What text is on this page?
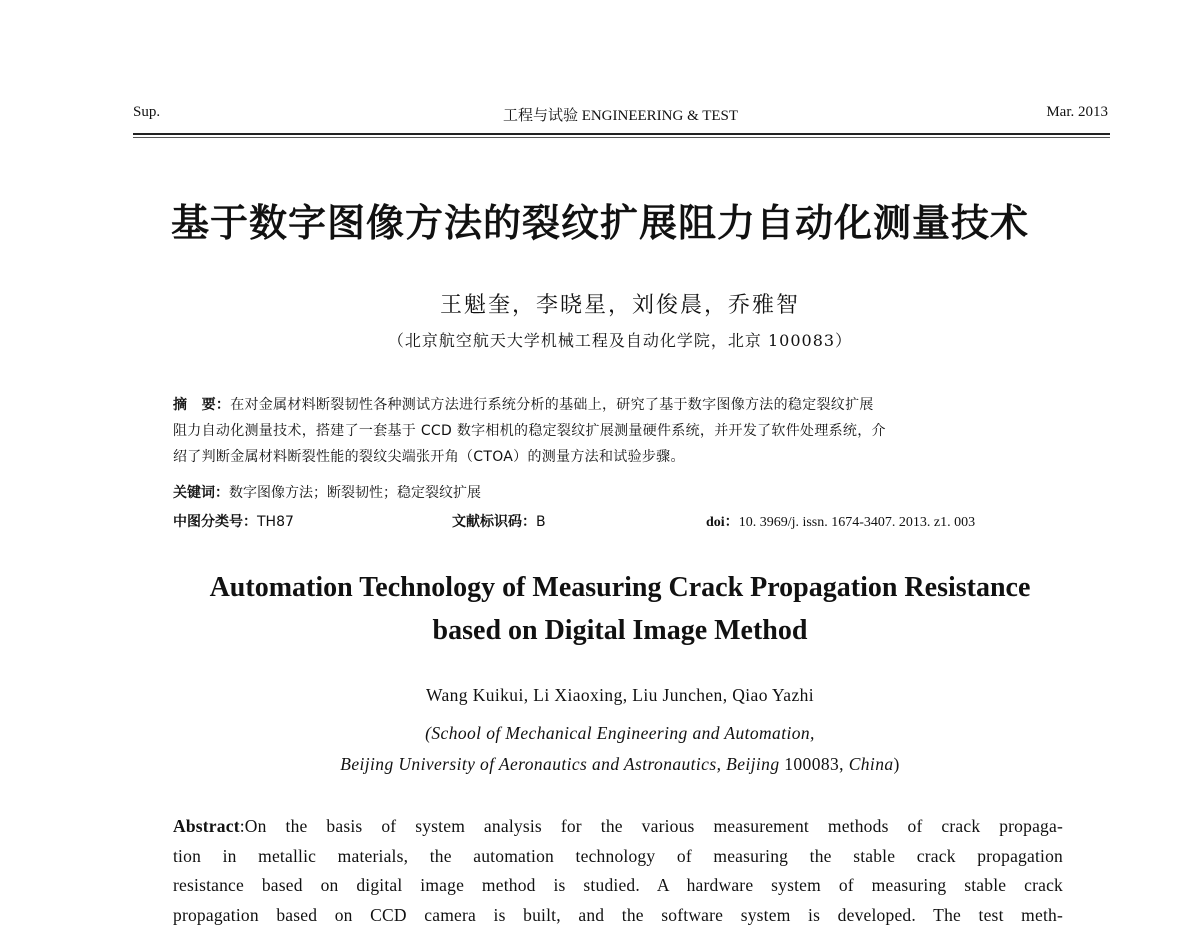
Sup.	工程与试验 ENGINEERING & TEST	Mar. 2013
基于数字图像方法的裂纹扩展阻力自动化测量技术
王魁奎，李晓星，刘俊晨，乔雅智
（北京航空航天大学机械工程及自动化学院，北京 100083）
摘　要：在对金属材料断裂韧性各种测试方法进行系统分析的基础上，研究了基于数字图像方法的稳定裂纹扩展
阻力自动化测量技术，搭建了一套基于 CCD 数字相机的稳定裂纹扩展测量硬件系统，并开发了软件处理系统，介
绍了判断金属材料断裂性能的裂纹尖端张开角（CTOA）的测量方法和试验步骤。
关键词：数字图像方法；断裂韧性；稳定裂纹扩展
中图分类号：TH87	文献标识码：B	doi：10. 3969/j. issn. 1674-3407. 2013. z1. 003
Automation Technology of Measuring Crack Propagation Resistance
based on Digital Image Method
Wang Kuikui, Li Xiaoxing, Liu Junchen, Qiao Yazhi
(School of Mechanical Engineering and Automation,
Beijing University of Aeronautics and Astronautics, Beijing 100083, China)
Abstract:On the basis of system analysis for the various measurement methods of crack propaga-
tion in metallic materials, the automation technology of measuring the stable crack propagation
resistance based on digital image method is studied. A hardware system of measuring stable crack
propagation based on CCD camera is built, and the software system is developed. The test meth-
